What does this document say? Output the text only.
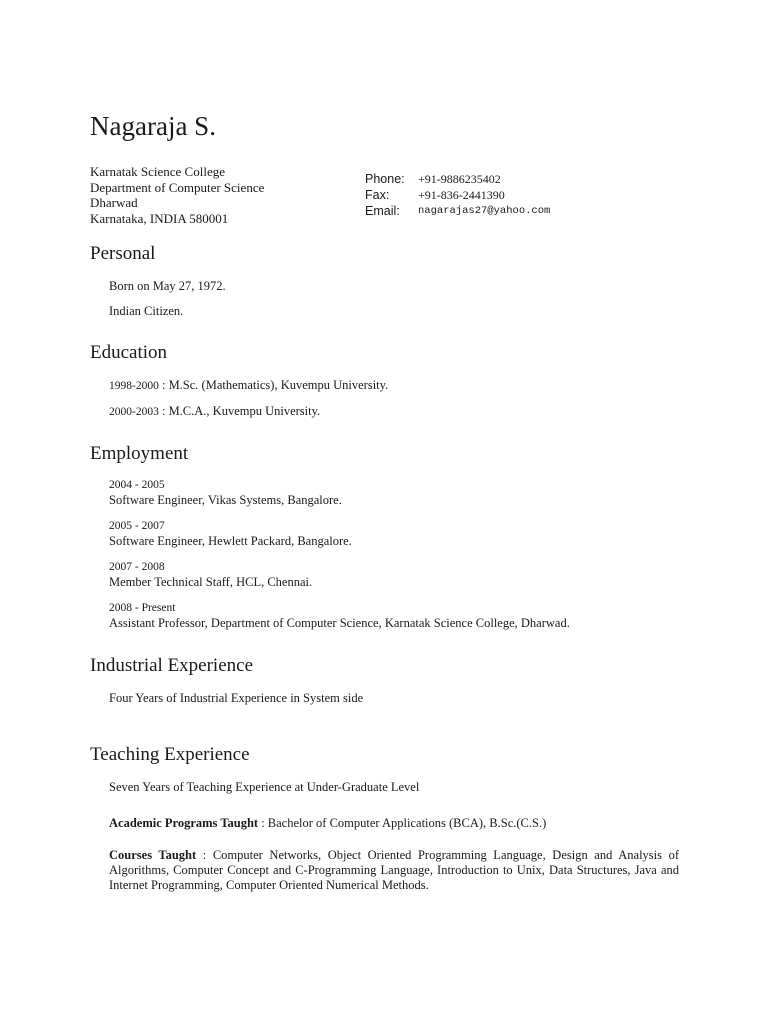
Nagaraja S.
Karnatak Science College
Department of Computer Science
Dharwad
Karnataka, INDIA 580001
Phone:	+91-9886235402
Fax:	+91-836-2441390
Email:	nagarajas27@yahoo.com
Personal
Born on May 27, 1972.
Indian Citizen.
Education
1998-2000 : M.Sc. (Mathematics), Kuvempu University.
2000-2003 : M.C.A., Kuvempu University.
Employment
2004 - 2005
Software Engineer, Vikas Systems, Bangalore.
2005 - 2007
Software Engineer, Hewlett Packard, Bangalore.
2007 - 2008
Member Technical Staff, HCL, Chennai.
2008 - Present
Assistant Professor, Department of Computer Science, Karnatak Science College, Dharwad.
Industrial Experience
Four Years of Industrial Experience in System side
Teaching Experience
Seven Years of Teaching Experience at Under-Graduate Level
Academic Programs Taught : Bachelor of Computer Applications (BCA), B.Sc.(C.S.)
Courses Taught : Computer Networks, Object Oriented Programming Language, Design and Analysis of Algorithms, Computer Concept and C-Programming Language, Introduction to Unix, Data Structures, Java and Internet Programming, Computer Oriented Numerical Methods.
